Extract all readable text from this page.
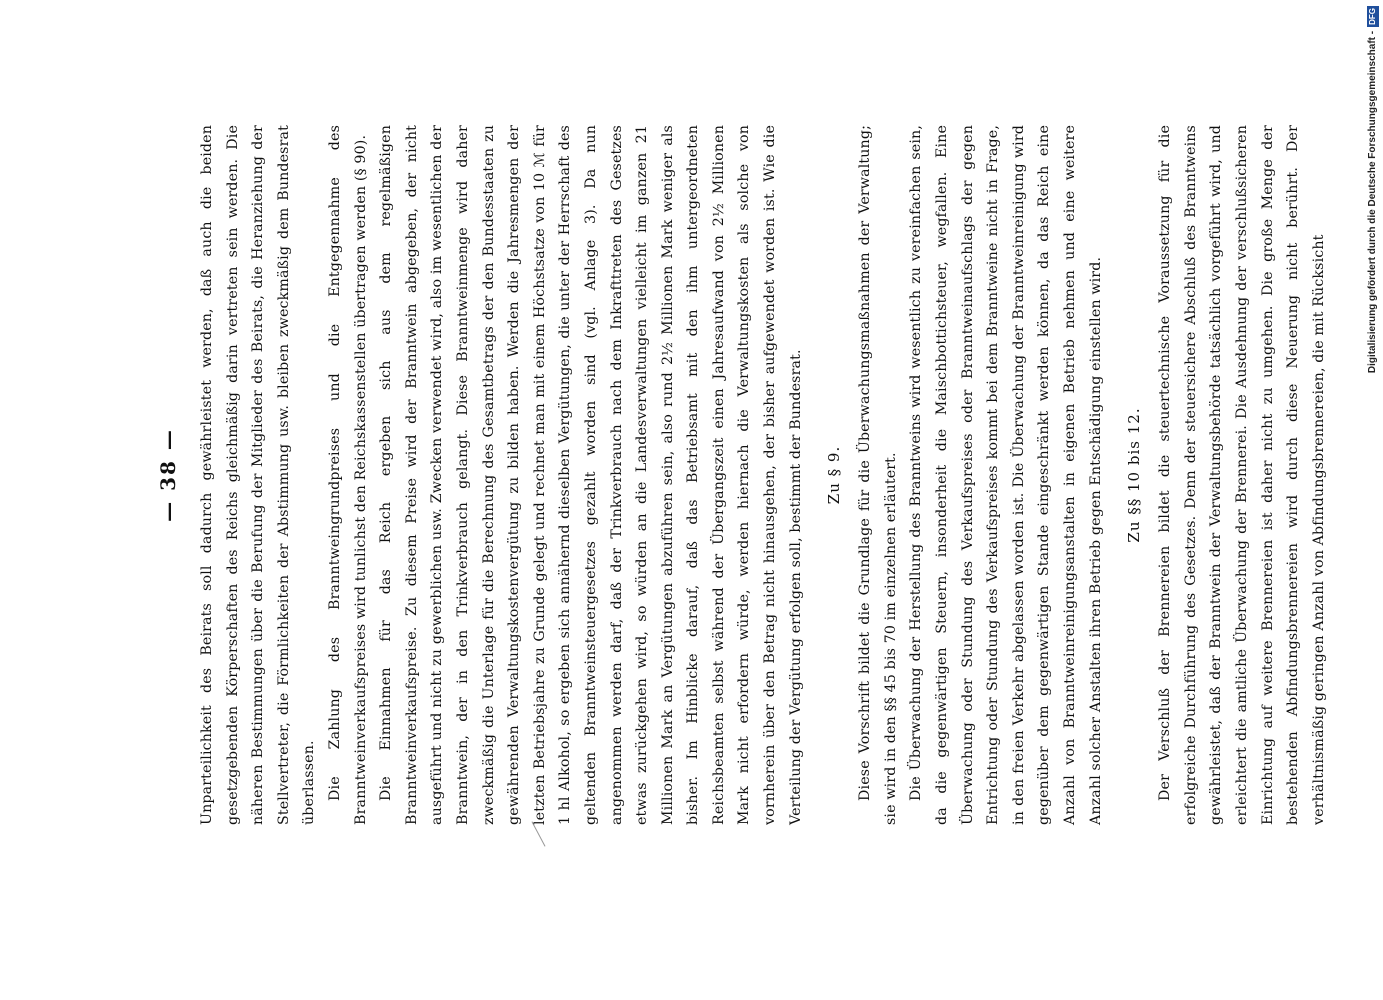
— 38 — Unparteilichkeit des Beirats soll dadurch gewährleistet werden, daß auch die beiden gesetzgebenden Körperschaften des Reichs gleichmäßig darin vertreten sein werden. Die näheren Bestimmungen über die Berufung der Mitglieder des Beirats, die Heranziehung der Stellvertreter, die Förmlichkeiten der Abstimmung usw. bleiben zweckmäßig dem Bundesrat überlassen. Die Zahlung des Branntweingrundpreises und die Entgegennahme des Branntweinverkaufspreises wird tunlichst den Reichskassenstellen übertragen werden (§ 90). Die Einnahmen für das Reich ergeben sich aus dem regelmäßigen Branntweinverkaufspreise. Zu diesem Preise wird der Branntwein abgegeben, der nicht ausgeführt und nicht zu gewerblichen usw. Zwecken verwendet wird, also im wesentlichen der Branntwein, der in den Trinkverbrauch gelangt. Diese Branntweinmenge wird daher zweckmäßig die Unterlage für die Berechnung des Gesamtbetrags der den Bundesstaaten zu gewährenden Verwaltungskostenvergütung zu bilden haben. Werden die Jahresmengen der letzten Betriebsjahre zu Grunde gelegt und rechnet man mit einem Höchstsatze von 10 ℳ für 1 hl Alkohol, so ergeben sich annähernd dieselben Vergütungen, die unter der Herrschaft des geltenden Branntweinsteuergesetzes gezahlt worden sind (vgl. Anlage 3). Da nun angenommen werden darf, daß der Trinkverbrauch nach dem Inkrafttreten des Gesetzes etwas zurückgehen wird, so würden an die Landesverwaltungen vielleicht im ganzen 21 Millionen Mark an Vergütungen abzuführen sein, also rund 2½ Millionen Mark weniger als bisher. Im Hinblicke darauf, daß das Betriebsamt mit den ihm untergeordneten Reichsbeamten selbst während der Übergangszeit einen Jahresaufwand von 2½ Millionen Mark nicht erfordern würde, werden hiernach die Verwaltungskosten als solche von vornherein über den Betrag nicht hinausgehen, der bisher aufgewendet worden ist. Wie die Verteilung der Vergütung erfolgen soll, bestimmt der Bundesrat.	Zu § 9. Diese Vorschrift bildet die Grundlage für die Überwachungsmaßnahmen der Verwaltung; sie wird in den §§ 45 bis 70 im einzelnen erläutert. Die Überwachung der Herstellung des Branntweins wird wesentlich zu vereinfachen sein, da die gegenwärtigen Steuern, insonderheit die Maischbottichsteuer, wegfallen. Eine Überwachung oder Stundung des Verkaufspreises oder Branntweinaufschlags der gegen Entrichtung oder Stundung des Verkaufspreises kommt bei dem Branntweine nicht in Frage, in den freien Verkehr abgelassen worden ist. Die Überwachung der Branntweinreinigung wird gegenüber dem gegenwärtigen Stande eingeschränkt werden können, da das Reich eine Anzahl von Branntweinreinigungsanstalten in eigenen Betrieb nehmen und eine weitere Anzahl solcher Anstalten ihren Betrieb gegen Entschädigung einstellen wird.	Zu §§ 10 bis 12. Der Verschluß der Brennereien bildet die steuertechnische Voraussetzung für die erfolgreiche Durchführung des Gesetzes. Denn der steuersichere Abschluß des Branntweins gewährleistet, daß der Branntwein der Verwaltungsbehörde tatsächlich vorgeführt wird, und erleichtert die amtliche Überwachung der Brennerei. Die Ausdehnung der verschlußsicheren Einrichtung auf weitere Brennereien ist daher nicht zu umgehen. Die große Menge der bestehenden Abfindungsbrennereien wird durch diese Neuerung nicht berührt. Der verhältnismäßig geringen Anzahl von Abfindungsbrennereien, die mit Rücksicht

Digitalisierung gefördert durch die Deutsche Forschungsgemeinschaft -
DFG
